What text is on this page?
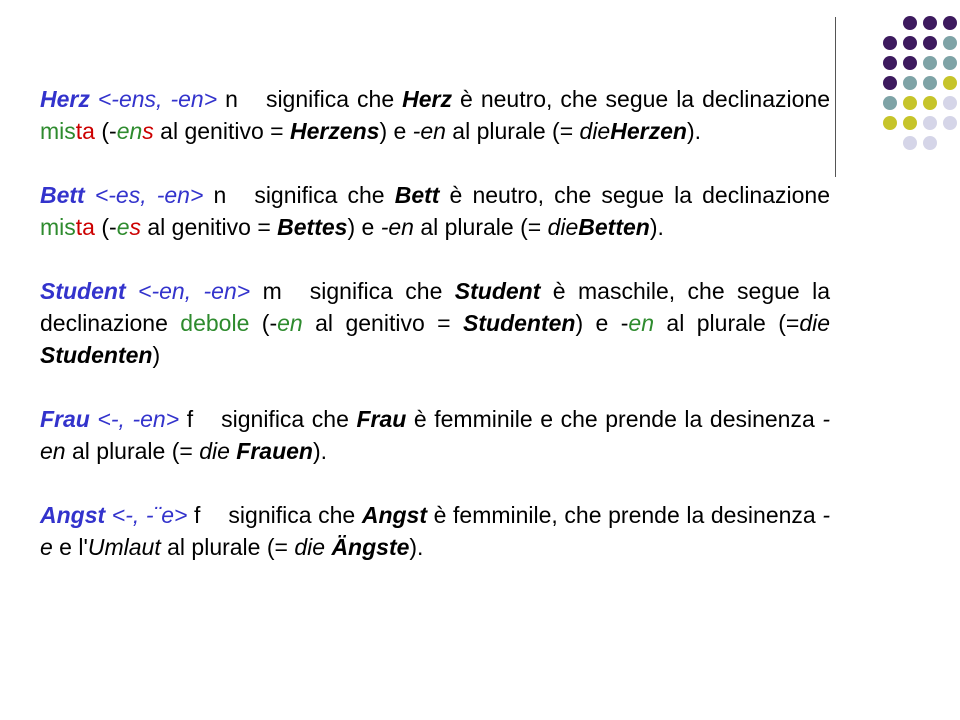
Herz <-ens, -en> n significa che Herz è neutro, che segue la declinazione mista (-ens al genitivo = Herzens) e -en al plurale (= dieHerzen).

Bett <-es, -en> n significa che Bett è neutro, che segue la declinazione mista (-es al genitivo = Bettes) e -en al plurale (= dieBetten).

Student <-en, -en> m significa che Student è maschile, che segue la declinazione debole (-en al genitivo = Studenten) e -en al plurale (=die Studenten)

Frau <-, -en> f significa che Frau è femminile e che prende la desinenza -en al plurale (= die Frauen).

Angst <-, -¨e> f significa che Angst è femminile, che prende la desinenza -e e l'Umlaut al plurale (= die Ängste).
